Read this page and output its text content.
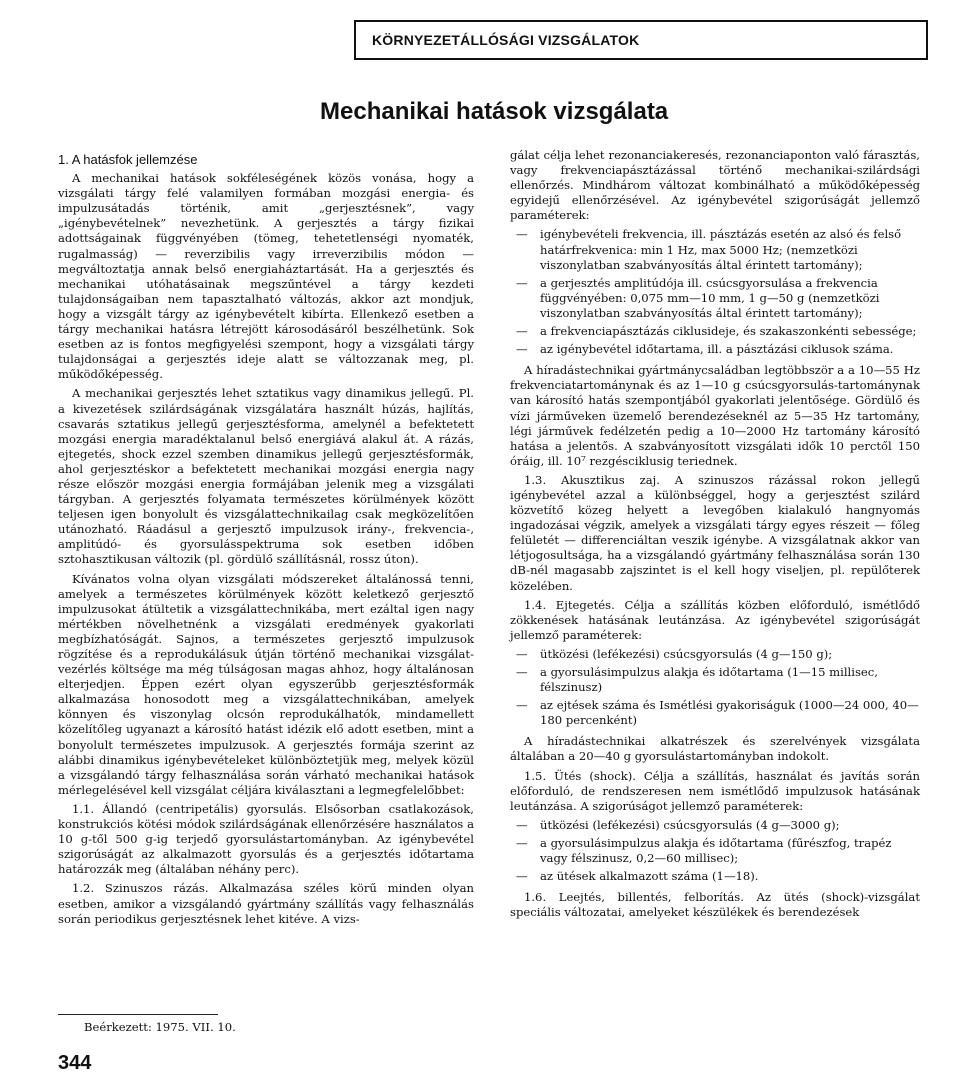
KÖRNYEZETÁLLÓSÁGI VIZSGÁLATOK
Mechanikai hatások vizsgálata
1. A hatásfok jellemzése

A mechanikai hatások sokféleségének közös vonása, hogy a vizsgálati tárgy felé valamilyen formában mozgási energia- és impulzusátadás történik, amit „gerjesztésnek”, vagy „igénybevételnek” nevezhetünk. A gerjesztés a tárgy fizikai adottságainak függvényében (tömeg, tehetetlenségi nyomaték, rugalmasság) — reverzibilis vagy irreverzibilis módon — megváltoztatja annak belső energiaháztartását. Ha a gerjesztés és mechanikai utóhatásainak megszűntével a tárgy kezdeti tulajdonságaiban nem tapasztalható változás, akkor azt mondjuk, hogy a vizsgált tárgy az igénybevételt kibírta. Ellenkező esetben a tárgy mechanikai hatásra létrejött károsodásáról beszélhetünk. Sok esetben az is fontos megfigyelési szempont, hogy a vizsgálati tárgy tulajdonságai a gerjesztés ideje alatt se változzanak meg, pl. működőképesség.

A mechanikai gerjesztés lehet sztatikus vagy dinamikus jellegű. Pl. a kivezetések szilárdságának vizsgálatára használt húzás, hajlítás, csavarás sztatikus jellegű gerjesztésforma, amelynél a befektetett mozgási energia maradéktalanul belső energiává alakul át. A rázás, ejtegetés, shock ezzel szemben dinamikus jellegű gerjesztésformák, ahol gerjesztéskor a befektetett mechanikai mozgási energia nagy része először mozgási energia formájában jelenik meg a vizsgálati tárgyban. A gerjesztés folyamata természetes körülmények között teljesen igen bonyolult és vizsgálattechnikailag csak megközelítően utánozható. Ráadásul a gerjesztő impulzusok irány-, frekvencia-, amplitúdó- és gyorsulásspektruma sok esetben időben sztohasztikusan változik (pl. gördülő szállításnál, rossz úton).

Kívánatos volna olyan vizsgálati módszereket általánossá tenni, amelyek a természetes körülmények között keletkező gerjesztő impulzusokat átültetik a vizsgálattechnikába, mert ezáltal igen nagy mértékben növelhetnénk a vizsgálati eredmények gyakorlati megbízhatóságát. Sajnos, a természetes gerjesztő impulzusok rögzítése és a reprodukálásuk útján történő mechanikai vizsgálat-vezérlés költsége ma még túlságosan magas ahhoz, hogy általánosan elterjedjen. Éppen ezért olyan egyszerűbb gerjesztésformák alkalmazása honosodott meg a vizsgálattechnikában, amelyek könnyen és viszonylag olcsón reprodukálhatók, mindamellett közelítőleg ugyanazt a károsító hatást idézik elő adott esetben, mint a bonyolult természetes impulzusok. A gerjesztés formája szerint az alábbi dinamikus igénybevételeket különböztetjük meg, melyek közül a vizsgálandó tárgy felhasználása során várható mechanikai hatások mérlegelésével kell vizsgálat céljára kiválasztani a legmegfelelőbbet:

1.1. Állandó (centripetális) gyorsulás. Elsősorban csatlakozások, konstrukciós kötési módok szilárdságának ellenőrzésére használatos a 10 g-től 500 g-ig terjedő gyorsulástartományban. Az igénybevétel szigorúságát az alkalmazott gyorsulás és a gerjesztés időtartama határozzák meg (általában néhány perc).

1.2. Szinuszos rázás. Alkalmazása széles körű minden olyan esetben, amikor a vizsgálandó gyártmány szállítás vagy felhasználás során periodikus gerjesztésnek lehet kitéve. A vizs-

gálat célja lehet rezonanciakeresés, rezonanciaponton való fárasztás, vagy frekvenciapásztázással történő mechanikai-szilárdsági ellenőrzés. Mindhárom változat kombinálható a működőképesség egyidejű ellenőrzésével. Az igénybevétel szigorúságát jellemző paraméterek:

— igénybevételi frekvencia, ill. pásztázás esetén az alsó és felső határfrekvenica: min 1 Hz, max 5000 Hz; (nemzetközi viszonylatban szabványosítás által érintett tartomány);
— a gerjesztés amplitúdója ill. csúcsgyorsulása a frekvencia függvényében: 0,075 mm—10 mm, 1 g—50 g (nemzetközi viszonylatban szabványosítás által érintett tartomány);
— a frekvenciapásztázás ciklusideje, és szakaszonkénti sebessége;
— az igénybevétel időtartama, ill. a pásztázási ciklusok száma.

A híradástechnikai gyártmánycsaládban legtöbbször a a 10—55 Hz frekvenciatartománynak és az 1—10 g csúcsgyorsulás-tartománynak van károsító hatás szempontjából gyakorlati jelentősége. Gördülő és vízi járműveken üzemelő berendezéseknél az 5—35 Hz tartomány, légi járművek fedélzetén pedig a 10—2000 Hz tartomány károsító hatása a jelentős. A szabványosított vizsgálati idők 10 perctől 150 óráig, ill. 10⁷ rezgésciklusig teriednek.

1.3. Akusztikus zaj. A szinuszos rázással rokon jellegű igénybevétel azzal a különbséggel, hogy a gerjesztést szilárd közvetítő közeg helyett a levegőben kialakuló hangnyomás ingadozásai végzik, amelyek a vizsgálati tárgy egyes részeit — főleg felületét — differenciáltan veszik igénybe. A vizsgálatnak akkor van létjogosultsága, ha a vizsgálandó gyártmány felhasználása során 130 dB-nél magasabb zajszintet is el kell hogy viseljen, pl. repülőterek közelében.

1.4. Ejtegetés. Célja a szállítás közben előforduló, ismétlődő zökkenések hatásának leutánzása. Az igénybevétel szigorúságát jellemző paraméterek:

— ütközési (lefékezési) csúcsgyorsulás (4 g—150 g);
— a gyorsulásimpulzus alakja és időtartama (1—15 millisec, félszinusz)
— az ejtések száma és Ismétlési gyakoriságuk (1000—24 000, 40—180 percenként)

A híradástechnikai alkatrészek és szerelvények vizsgálata általában a 20—40 g gyorsulástartományban indokolt.

1.5. Ütés (shock). Célja a szállítás, használat és javítás során előforduló, de rendszeresen nem ismétlődő impulzusok hatásának leutánzása. A szigorúságot jellemző paraméterek:

— ütközési (lefékezési) csúcsgyorsulás (4 g—3000 g);
— a gyorsulásimpulzus alakja és időtartama (fűrészfog, trapéz vagy félszinusz, 0,2—60 millisec);
— az ütések alkalmazott száma (1—18).

1.6. Leejtés, billentés, felborítás. Az ütés (shock)-vizsgálat speciális változatai, amelyeket készülékek és berendezések

Beérkezett: 1975. VII. 10.
344
